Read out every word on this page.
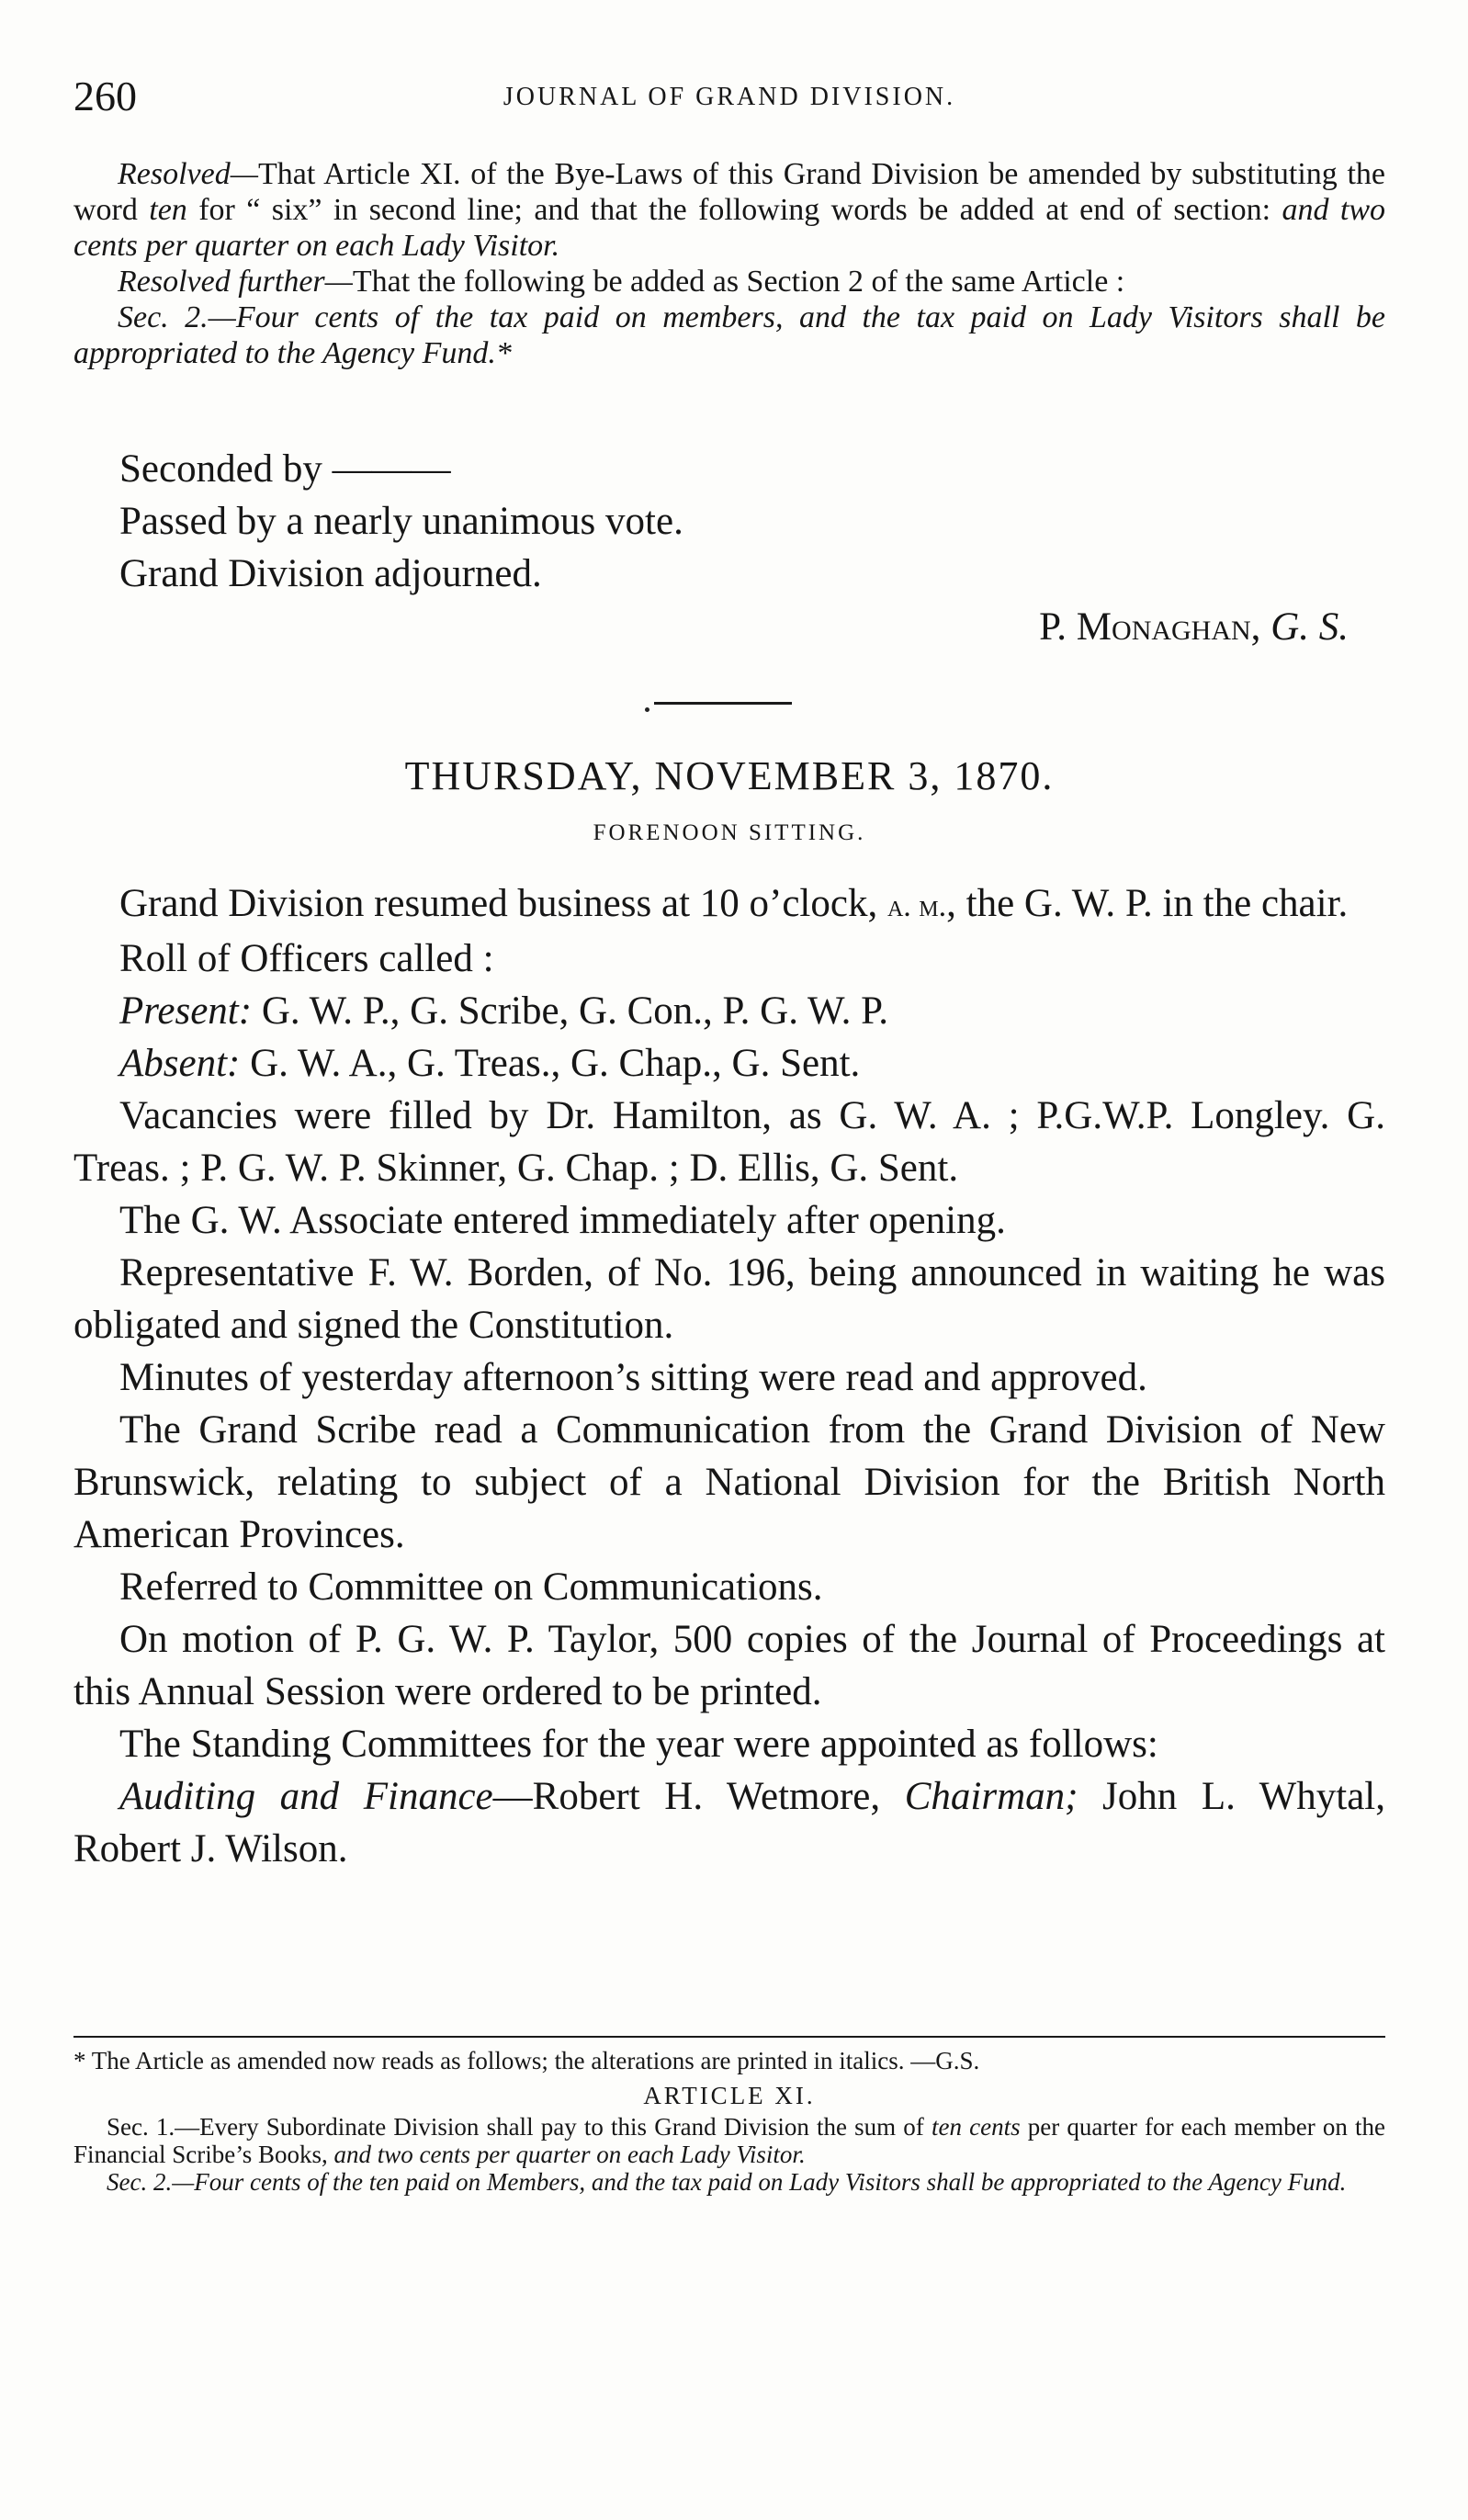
260	JOURNAL OF GRAND DIVISION.

Resolved—That Article XI. of the Bye-Laws of this Grand Division be amended by substituting the word ten for “ six” in second line; and that the following words be added at end of section: and two cents per quarter on each Lady Visitor.

Resolved further—That the following be added as Section 2 of the same Article :

Sec. 2.—Four cents of the tax paid on members, and the tax paid on Lady Visitors shall be appropriated to the Agency Fund.*

Seconded by ———

Passed by a nearly unanimous vote.

Grand Division adjourned.

P. Monaghan, G. S.
THURSDAY, NOVEMBER 3, 1870.
FORENOON SITTING.

Grand Division resumed business at 10 o’clock, a. m., the G. W. P. in the chair.

Roll of Officers called :

Present: G. W. P., G. Scribe, G. Con., P. G. W. P.

Absent: G. W. A., G. Treas., G. Chap., G. Sent.

Vacancies were filled by Dr. Hamilton, as G. W. A. ; P.G.W.P. Longley. G. Treas. ; P. G. W. P. Skinner, G. Chap. ; D. Ellis, G. Sent.

The G. W. Associate entered immediately after opening.

Representative F. W. Borden, of No. 196, being announced in waiting he was obligated and signed the Constitution.

Minutes of yesterday afternoon’s sitting were read and approved.

The Grand Scribe read a Communication from the Grand Division of New Brunswick, relating to subject of a National Division for the British North American Provinces.

Referred to Committee on Communications.

On motion of P. G. W. P. Taylor, 500 copies of the Journal of Proceedings at this Annual Session were ordered to be printed.

The Standing Committees for the year were appointed as follows:

Auditing and Finance—Robert H. Wetmore, Chairman; John L. Whytal, Robert J. Wilson.

* The Article as amended now reads as follows; the alterations are printed in italics. —G.S.

ARTICLE XI.

Sec. 1.—Every Subordinate Division shall pay to this Grand Division the sum of ten cents per quarter for each member on the Financial Scribe’s Books, and two cents per quarter on each Lady Visitor.

Sec. 2.—Four cents of the ten paid on Members, and the tax paid on Lady Visitors shall be appropriated to the Agency Fund.
